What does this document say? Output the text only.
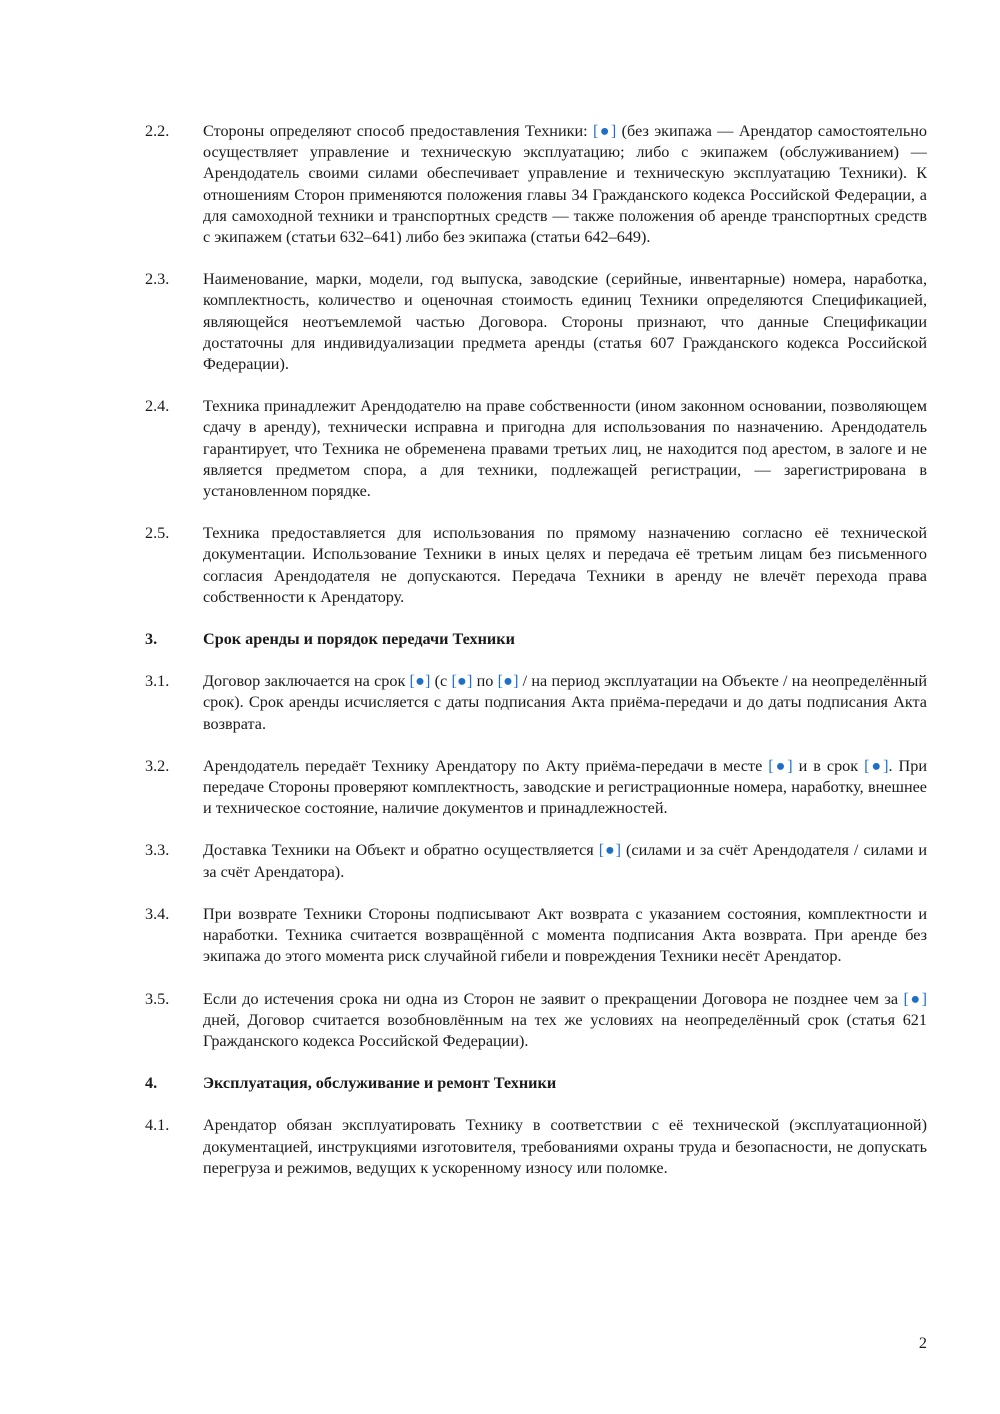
2.2.	Стороны определяют способ предоставления Техники: [●] (без экипажа — Арендатор самостоятельно осуществляет управление и техническую эксплуатацию; либо с экипажем (обслуживанием) — Арендодатель своими силами обеспечивает управление и техническую эксплуатацию Техники). К отношениям Сторон применяются положения главы 34 Гражданского кодекса Российской Федерации, а для самоходной техники и транспортных средств — также положения об аренде транспортных средств с экипажем (статьи 632–641) либо без экипажа (статьи 642–649).
2.3.	Наименование, марки, модели, год выпуска, заводские (серийные, инвентарные) номера, наработка, комплектность, количество и оценочная стоимость единиц Техники определяются Спецификацией, являющейся неотъемлемой частью Договора. Стороны признают, что данные Спецификации достаточны для индивидуализации предмета аренды (статья 607 Гражданского кодекса Российской Федерации).
2.4.	Техника принадлежит Арендодателю на праве собственности (ином законном основании, позволяющем сдачу в аренду), технически исправна и пригодна для использования по назначению. Арендодатель гарантирует, что Техника не обременена правами третьих лиц, не находится под арестом, в залоге и не является предметом спора, а для техники, подлежащей регистрации, — зарегистрирована в установленном порядке.
2.5.	Техника предоставляется для использования по прямому назначению согласно её технической документации. Использование Техники в иных целях и передача её третьим лицам без письменного согласия Арендодателя не допускаются. Передача Техники в аренду не влечёт перехода права собственности к Арендатору.
3.	Срок аренды и порядок передачи Техники
3.1.	Договор заключается на срок [●] (с [●] по [●] / на период эксплуатации на Объекте / на неопределённый срок). Срок аренды исчисляется с даты подписания Акта приёма-передачи и до даты подписания Акта возврата.
3.2.	Арендодатель передаёт Технику Арендатору по Акту приёма-передачи в месте [●] и в срок [●]. При передаче Стороны проверяют комплектность, заводские и регистрационные номера, наработку, внешнее и техническое состояние, наличие документов и принадлежностей.
3.3.	Доставка Техники на Объект и обратно осуществляется [●] (силами и за счёт Арендодателя / силами и за счёт Арендатора).
3.4.	При возврате Техники Стороны подписывают Акт возврата с указанием состояния, комплектности и наработки. Техника считается возвращённой с момента подписания Акта возврата. При аренде без экипажа до этого момента риск случайной гибели и повреждения Техники несёт Арендатор.
3.5.	Если до истечения срока ни одна из Сторон не заявит о прекращении Договора не позднее чем за [●] дней, Договор считается возобновлённым на тех же условиях на неопределённый срок (статья 621 Гражданского кодекса Российской Федерации).
4.	Эксплуатация, обслуживание и ремонт Техники
4.1.	Арендатор обязан эксплуатировать Технику в соответствии с её технической (эксплуатационной) документацией, инструкциями изготовителя, требованиями охраны труда и безопасности, не допускать перегруза и режимов, ведущих к ускоренному износу или поломке.
2
